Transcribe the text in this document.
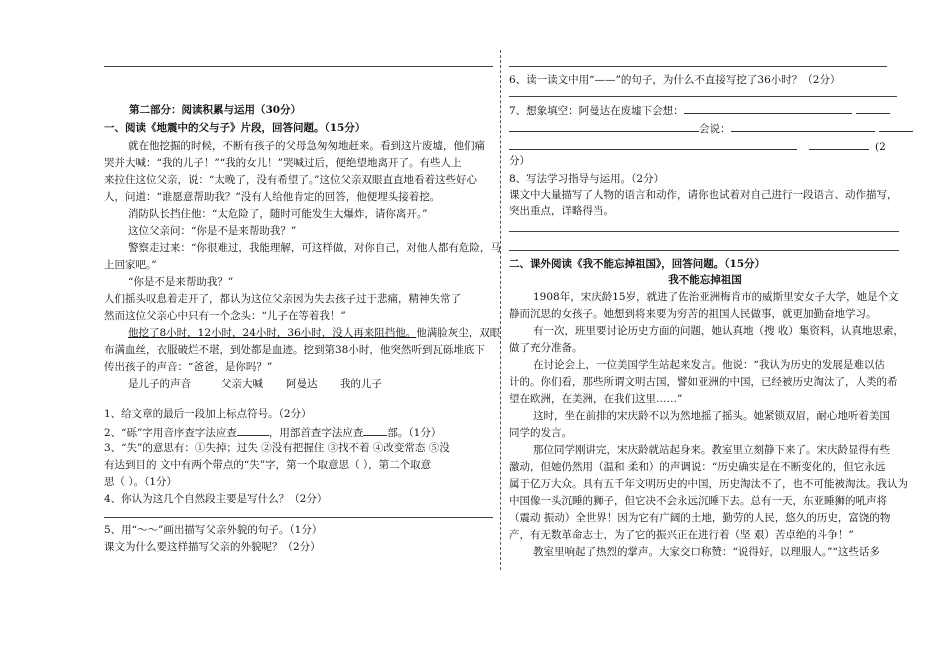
第二部分：阅读积累与运用（30分）
一、阅读《地震中的父与子》片段，回答问题。（15分）
就在他挖掘的时候，不断有孩子的父母急匆匆地赶来。看到这片废墟，他们痛
哭并大喊：“我的儿子！”“我的女儿！”哭喊过后，便绝望地离开了。有些人上
来拉住这位父亲，说：“太晚了，没有希望了。”这位父亲双眼直直地看着这些好心
人，问道：“谁愿意帮助我？”没有人给他肯定的回答，他便埋头接着挖。
消防队长挡住他：“太危险了，随时可能发生大爆炸，请你离开。”
这位父亲问：“你是不是来帮助我？”
警察走过来：“你很难过，我能理解，可这样做，对你自己，对他人都有危险，马
上回家吧。”
“你是不是来帮助我？”
人们摇头叹息着走开了，都认为这位父亲因为失去孩子过于悲痛，精神失常了
然而这位父亲心中只有一个念头：“儿子在等着我！”
他挖了8小时，12小时，24小时，36小时，没人再来阻挡他。他满脸灰尘，双眼
布满血丝，衣服破烂不堪，到处都是血迹。挖到第38小时，他突然听到瓦砾堆底下
传出孩子的声音：“爸爸，是你吗？”
是儿子的声音	父亲大喊 阿曼达 我的儿子
1、给文章的最后一段加上标点符号。（2分）
2、“砾”字用音序查字法应查	，用部首查字法应查 部。（1分）
3、“失”的意思有：①失掉；过失 ②没有把握住 ③找不着 ④改变常态 ⑤没
有达到目的 文中有两个带点的“失”字，第一个取意思（ ），第二个取意
思（ ）。（1分）
4、你认为这几个自然段主要是写什么？（2分）
5、用“～～”画出描写父亲外貌的句子。（1分）
课文为什么要这样描写父亲的外貌呢？（2分）
6、读一读文中用“——”的句子，为什么不直接写挖了36小时？（2分）
7、想象填空：阿曼达在废墟下会想：
会说：
(2
分）
8、写法学习指导与运用。（2分）
课文中大量描写了人物的语言和动作，请你也试着对自己进行一段语言、动作描写，
突出重点，详略得当。
二、课外阅读《我不能忘掉祖国》，回答问题。（15分）
我不能忘掉祖国
1908年，宋庆龄15岁，就进了佐治亚洲梅肯市的威斯里安女子大学，她是个文
静而沉思的女孩子。她想到将来要为穷苦的祖国人民做事，就更加勤奋地学习。
有一次，班里要讨论历史方面的问题，她认真地（搜 收）集资料，认真地思索，
做了充分准备。
在讨论会上，一位美国学生站起来发言。他说：“我认为历史的发展是难以估
计的。你们看，那些所谓文明古国，譬如亚洲的中国，已经被历史淘汰了，人类的希
望在欧洲，在美洲，在我们这里……”
这时，坐在前排的宋庆龄不以为然地摇了摇头。她紧锁双眉，耐心地听着美国
同学的发言。
那位同学刚讲完，宋庆龄就站起身来。教室里立刻静下来了。宋庆龄显得有些
激动，但她仍然用（温和 柔和）的声调说：“历史确实是在不断变化的，但它永远
属于亿万大众。具有五千年文明历史的中国，历史淘汰不了，也不可能被淘汰。我认为
中国像一头沉睡的狮子，但它决不会永远沉睡下去。总有一天，东亚睡狮的吼声将
（震动 振动）全世界！因为它有广阔的土地，勤劳的人民，悠久的历史，富饶的物
产，有无数革命志士，为了它的振兴正在进行着（坚 艰）苦卓绝的斗争！”
教室里响起了热烈的掌声。大家交口称赞：“说得好，以理服人。”“这些话多
